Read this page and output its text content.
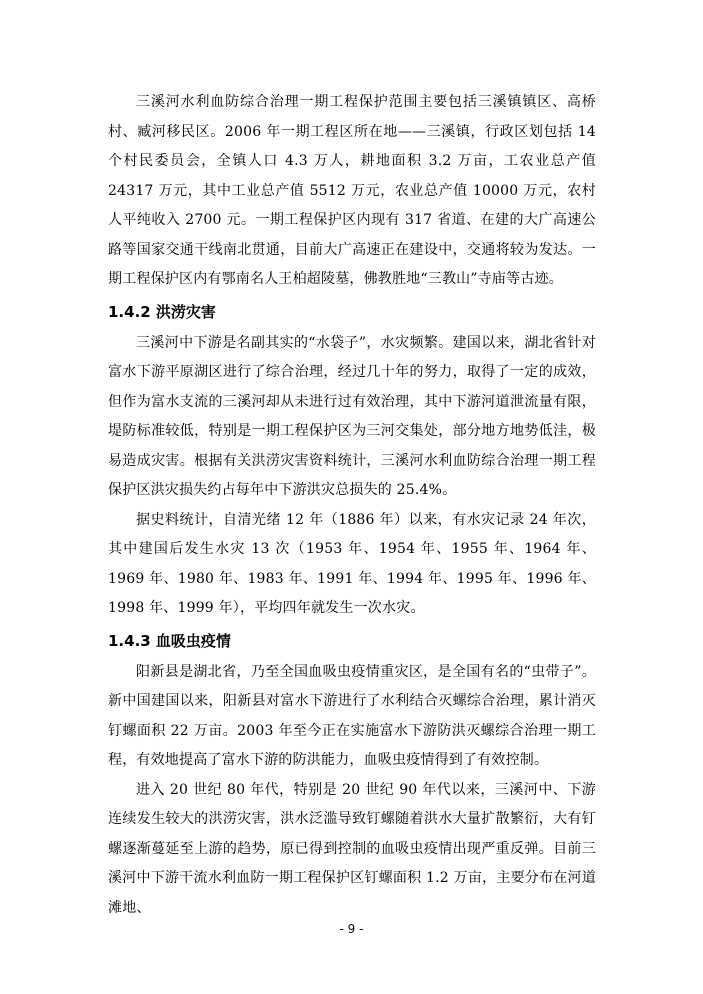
三溪河水利血防综合治理一期工程保护范围主要包括三溪镇镇区、高桥村、臧河移民区。2006 年一期工程区所在地——三溪镇，行政区划包括 14 个村民委员会，全镇人口 4.3 万人，耕地面积 3.2 万亩，工农业总产值 24317 万元，其中工业总产值 5512 万元，农业总产值 10000 万元，农村人平纯收入 2700 元。一期工程保护区内现有 317 省道、在建的大广高速公路等国家交通干线南北贯通，目前大广高速正在建设中，交通将较为发达。一期工程保护区内有鄂南名人王柏超陵墓，佛教胜地“三教山”寺庙等古迹。

1.4.2 洪涝灾害

三溪河中下游是名副其实的“水袋子”，水灾频繁。建国以来，湖北省针对富水下游平原湖区进行了综合治理，经过几十年的努力，取得了一定的成效，但作为富水支流的三溪河却从未进行过有效治理，其中下游河道泄流量有限，堤防标准较低，特别是一期工程保护区为三河交集处，部分地方地势低洼，极易造成灾害。根据有关洪涝灾害资料统计，三溪河水利血防综合治理一期工程保护区洪灾损失约占每年中下游洪灾总损失的 25.4%。

据史料统计，自清光绪 12 年（1886 年）以来，有水灾记录 24 年次，其中建国后发生水灾 13 次（1953 年、1954 年、1955 年、1964 年、1969 年、1980 年、1983 年、1991 年、1994 年、1995 年、1996 年、1998 年、1999 年），平均四年就发生一次水灾。

1.4.3 血吸虫疫情

阳新县是湖北省，乃至全国血吸虫疫情重灾区，是全国有名的“虫带子”。新中国建国以来，阳新县对富水下游进行了水利结合灭螺综合治理，累计消灭钉螺面积 22 万亩。2003 年至今正在实施富水下游防洪灭螺综合治理一期工程，有效地提高了富水下游的防洪能力，血吸虫疫情得到了有效控制。

进入 20 世纪 80 年代，特别是 20 世纪 90 年代以来，三溪河中、下游连续发生较大的洪涝灾害，洪水泛滥导致钉螺随着洪水大量扩散繁衍，大有钉螺逐渐蔓延至上游的趋势，原已得到控制的血吸虫疫情出现严重反弹。目前三溪河中下游干流水利血防一期工程保护区钉螺面积 1.2 万亩，主要分布在河道滩地、

- 9 -
